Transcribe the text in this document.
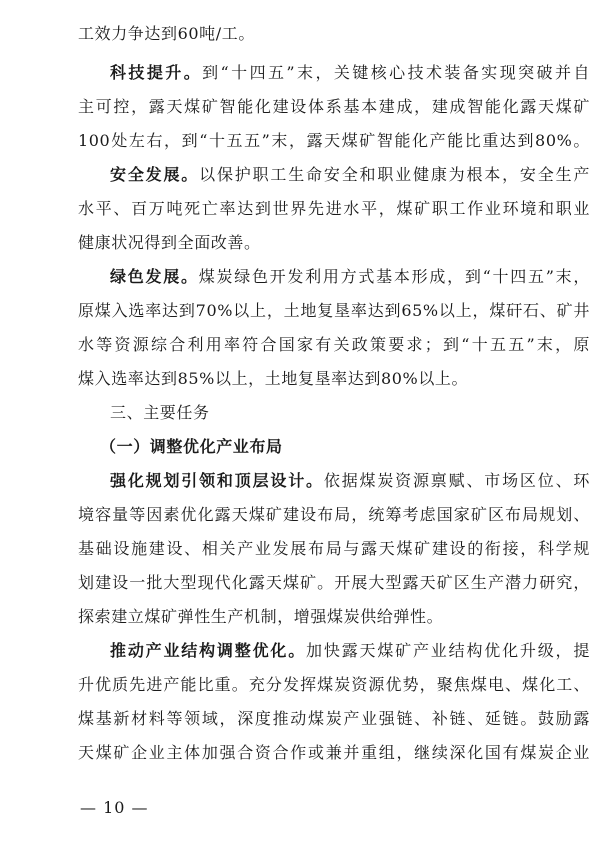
工效力争达到60吨/工。

科技提升。到“十四五”末，关键核心技术装备实现突破并自

主可控，露天煤矿智能化建设体系基本建成，建成智能化露天煤矿

100处左右，到“十五五”末，露天煤矿智能化产能比重达到80%。

安全发展。以保护职工生命安全和职业健康为根本，安全生产

水平、百万吨死亡率达到世界先进水平，煤矿职工作业环境和职业

健康状况得到全面改善。

绿色发展。煤炭绿色开发利用方式基本形成，到“十四五”末，

原煤入选率达到70%以上，土地复垦率达到65%以上，煤矸石、矿井

水等资源综合利用率符合国家有关政策要求；到“十五五”末，原

煤入选率达到85%以上，土地复垦率达到80%以上。

三、主要任务

（一）调整优化产业布局

强化规划引领和顶层设计。依据煤炭资源禀赋、市场区位、环

境容量等因素优化露天煤矿建设布局，统筹考虑国家矿区布局规划、

基础设施建设、相关产业发展布局与露天煤矿建设的衔接，科学规

划建设一批大型现代化露天煤矿。开展大型露天矿区生产潜力研究，

探索建立煤矿弹性生产机制，增强煤炭供给弹性。

推动产业结构调整优化。加快露天煤矿产业结构优化升级，提

升优质先进产能比重。充分发挥煤炭资源优势，聚焦煤电、煤化工、

煤基新材料等领域，深度推动煤炭产业强链、补链、延链。鼓励露

天煤矿企业主体加强合资合作或兼并重组，继续深化国有煤炭企业

— 10 —
